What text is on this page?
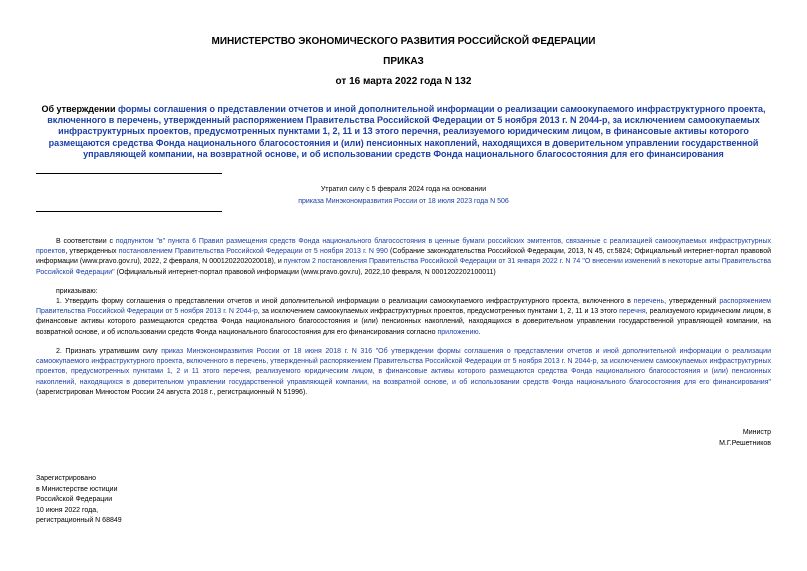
МИНИСТЕРСТВО ЭКОНОМИЧЕСКОГО РАЗВИТИЯ РОССИЙСКОЙ ФЕДЕРАЦИИ
ПРИКАЗ
от 16 марта 2022 года N 132
Об утверждении формы соглашения о представлении отчетов и иной дополнительной информации о реализации самоокупаемого инфраструктурного проекта, включенного в перечень, утвержденный распоряжением Правительства Российской Федерации от 5 ноября 2013 г. N 2044-р, за исключением самоокупаемых инфраструктурных проектов, предусмотренных пунктами 1, 2, 11 и 13 этого перечня, реализуемого юридическим лицом, в финансовые активы которого размещаются средства Фонда национального благосостояния и (или) пенсионных накоплений, находящихся в доверительном управлении государственной управляющей компании, на возвратной основе, и об использовании средств Фонда национального благосостояния для его финансирования
Утратил силу с 5 февраля 2024 года на основании
приказа Минэкономразвития России от 18 июля 2023 года N 506
В соответствии с подпунктом "в" пункта 6 Правил размещения средств Фонда национального благосостояния в ценные бумаги российских эмитентов, связанные с реализацией самоокупаемых инфраструктурных проектов, утвержденных постановлением Правительства Российской Федерации от 5 ноября 2013 г. N 990 (Собрание законодательства Российской Федерации, 2013, N 45, ст.5824; Официальный интернет-портал правовой информации (www.pravo.gov.ru), 2022, 2 февраля, N 0001202202020018), и пунктом 2 постановления Правительства Российской Федерации от 31 января 2022 г. N 74 "О внесении изменений в некоторые акты Правительства Российской Федерации" (Официальный интернет-портал правовой информации (www.pravo.gov.ru), 2022,10 февраля, N 0001202202100011)
приказываю:
1. Утвердить форму соглашения о представлении отчетов и иной дополнительной информации о реализации самоокупаемого инфраструктурного проекта, включенного в перечень, утвержденный распоряжением Правительства Российской Федерации от 5 ноября 2013 г. N 2044-р, за исключением самоокупаемых инфраструктурных проектов, предусмотренных пунктами 1, 2, 11 и 13 этого перечня, реализуемого юридическим лицом, в финансовые активы которого размещаются средства Фонда национального благосостояния и (или) пенсионных накоплений, находящихся в доверительном управлении государственной управляющей компании, на возвратной основе, и об использовании средств Фонда национального благосостояния для его финансирования согласно приложению.
2. Признать утратившим силу приказ Минэкономразвития России от 18 июня 2018 г. N 316 "Об утверждении формы соглашения о представлении отчетов и иной дополнительной информации о реализации самоокупаемого инфраструктурного проекта, включенного в перечень, утвержденный распоряжением Правительства Российской Федерации от 5 ноября 2013 г. N 2044-р, за исключением самоокупаемых инфраструктурных проектов, предусмотренных пунктами 1, 2 и 11 этого перечня, реализуемого юридическим лицом, в финансовые активы которого размещаются средства Фонда национального благосостояния и (или) пенсионных накоплений, находящихся в доверительном управлении государственной управляющей компании, на возвратной основе, и об использовании средств Фонда национального благосостояния для его финансирования" (зарегистрирован Минюстом России 24 августа 2018 г., регистрационный N 51996).
Министр
М.Г.Решетников
Зарегистрировано
в Министерстве юстиции
Российской Федерации
10 июня 2022 года,
регистрационный N 68849
